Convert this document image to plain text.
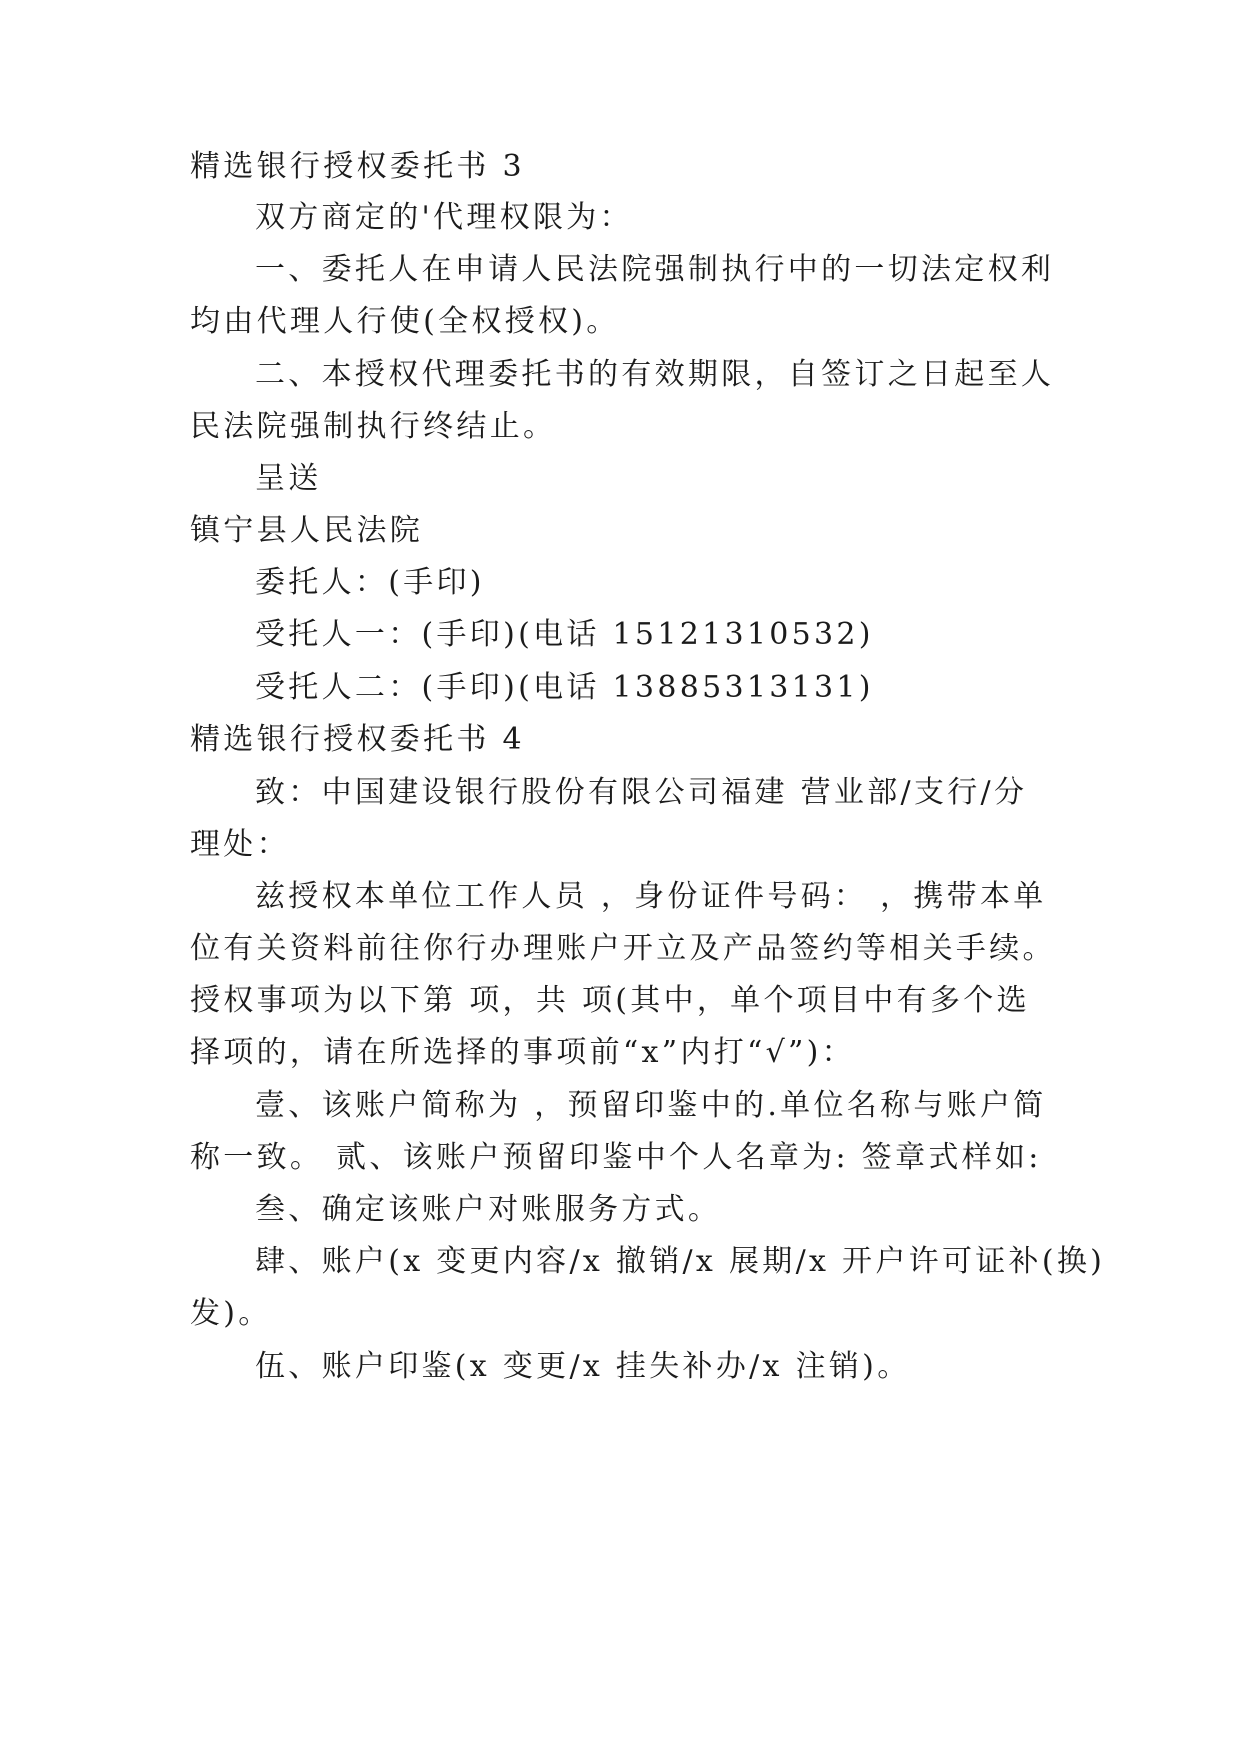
精选银行授权委托书 3
双方商定的'代理权限为：
一、委托人在申请人民法院强制执行中的一切法定权利
均由代理人行使(全权授权)。
二、本授权代理委托书的有效期限，自签订之日起至人
民法院强制执行终结止。
呈送
镇宁县人民法院
委托人：(手印)
受托人一：(手印)(电话 15121310532)
受托人二：(手印)(电话 13885313131)
精选银行授权委托书 4
致：中国建设银行股份有限公司福建 营业部/支行/分
理处：
兹授权本单位工作人员 ，身份证件号码： ，携带本单
位有关资料前往你行办理账户开立及产品签约等相关手续。
授权事项为以下第 项，共 项(其中，单个项目中有多个选
择项的，请在所选择的事项前“x”内打“√”)：
壹、该账户简称为 ，预留印鉴中的.单位名称与账户简
称一致。 贰、该账户预留印鉴中个人名章为: 签章式样如:
叁、确定该账户对账服务方式。
肆、账户(x 变更内容/x 撤销/x 展期/x 开户许可证补(换)
发)。
伍、账户印鉴(x 变更/x 挂失补办/x 注销)。
